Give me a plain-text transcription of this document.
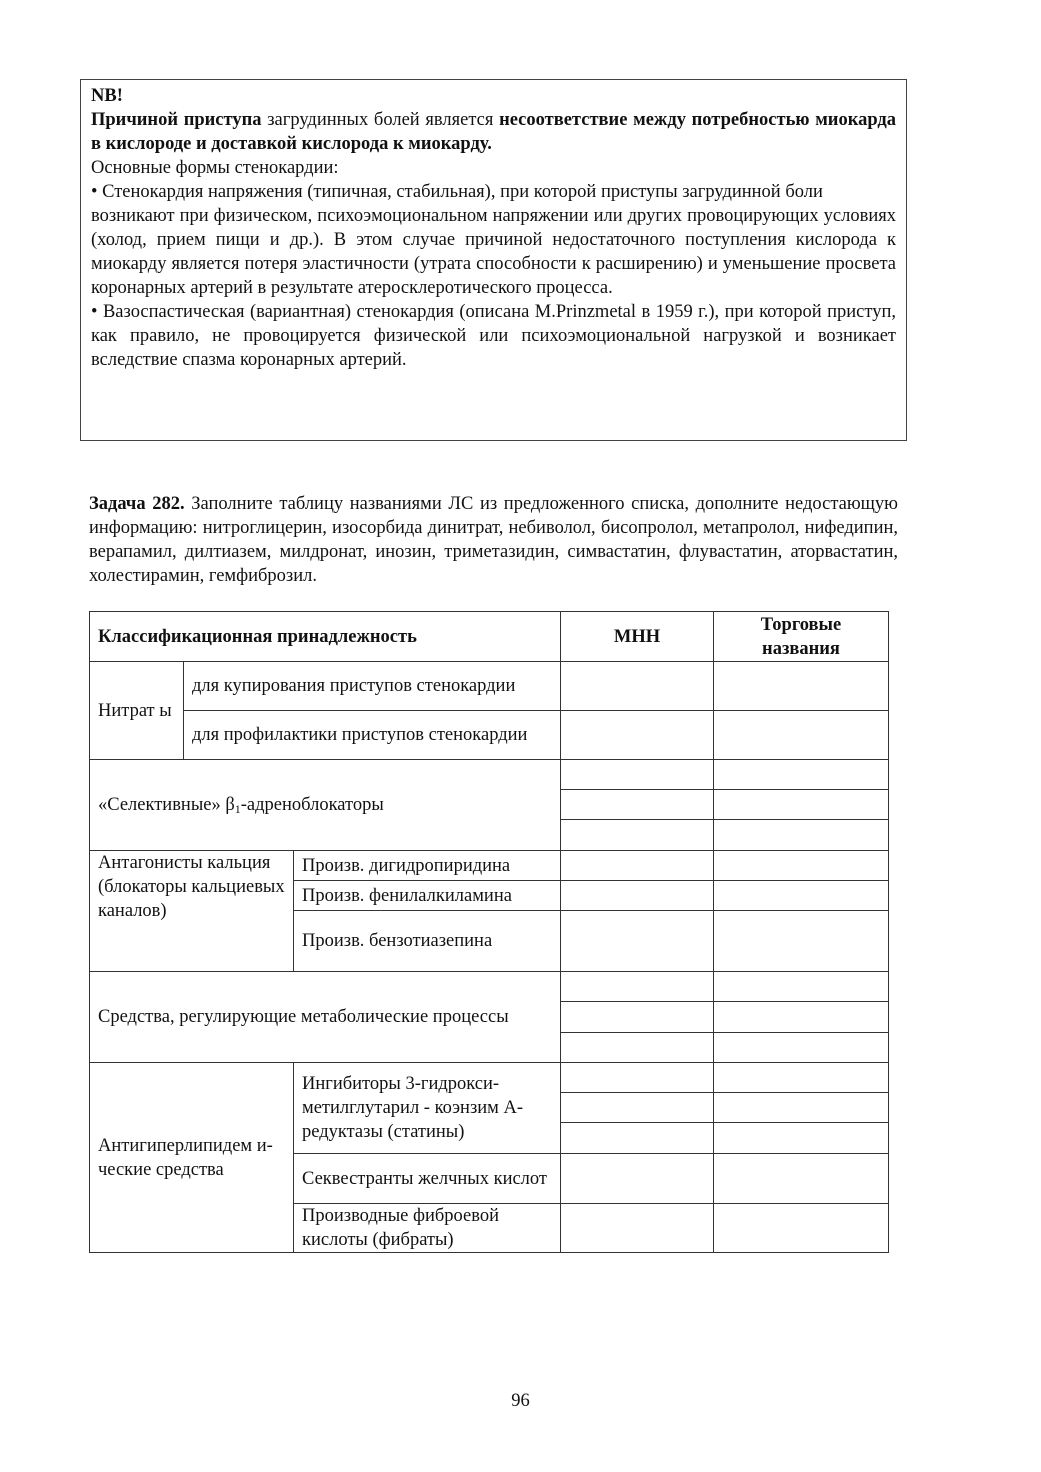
NB!

Причиной приступа загрудинных болей является несоответствие между потребностью миокарда в кислороде и доставкой кислорода к миокарду.

Основные формы стенокардии:

• Стенокардия напряжения (типичная, стабильная), при которой приступы загрудинной боли

возникают при физическом, психоэмоциональном напряжении или других провоцирующих условиях (холод, прием пищи и др.). В этом случае причиной недостаточного поступления кислорода к миокарду является потеря эластичности (утрата способности к расширению) и уменьшение просвета коронарных артерий в результате атеросклеротического процесса.

• Вазоспастическая (вариантная) стенокардия (описана M.Prinzmetal в 1959 г.), при которой приступ, как правило, не провоцируется физической или психоэмоциональной нагрузкой и возникает вследствие спазма коронарных артерий.

Задача 282. Заполните таблицу названиями ЛС из предложенного списка, дополните недостающую информацию: нитроглицерин, изосорбида динитрат, небиволол, бисопролол, метапролол, нифедипин, верапамил, дилтиазем, милдронат, инозин, триметазидин, симвастатин, флувастатин, аторвастатин, холестирамин, гемфиброзил.
Классификационная принадлежность			МНН	Торговые названия
Нитрат ы	для купирования приступов стенокардии			
	для профилактики приступов стенокардии			
«Селективные» $\beta_1$-адреноблокаторы				

Антагонисты кальция (блокаторы кальциевых каналов)		Произв. дигидропиридина		
		Произв. фенилалкиламина		
		Произв. бензотиазепина		
Средства, регулирующие метаболические процессы				

Антигиперлипидем и-ческие средства		Ингибиторы 3-гидрокси-метилглутарил - коэнзим А-редуктазы (статины)		

		Секвестранты желчных кислот		
		Производные фиброевой кислоты (фибраты)		
96
